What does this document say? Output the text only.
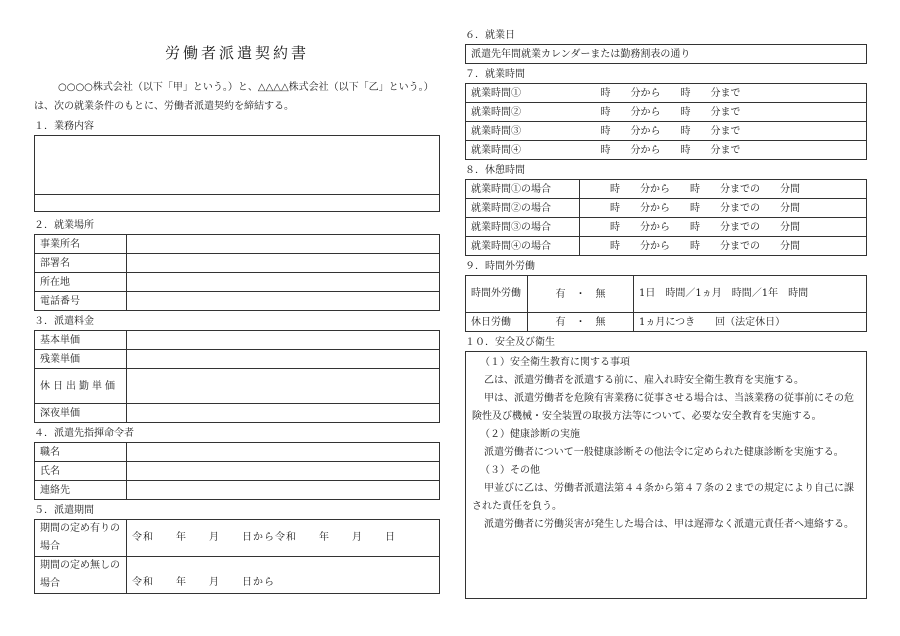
労働者派遣契約書
○○○○株式会社（以下「甲」という。）と、△△△△株式会社（以下「乙」という。）は、次の就業条件のもとに、労働者派遣契約を締結する。
１．業務内容

２．就業場所
事業所名	
部署名	
所在地	
電話番号	
３．派遣料金
基本単価	
残業単価	
休日出勤単価	
深夜単価	
４．派遣先指揮命令者
職名	
氏名	
連絡先	
５．派遣期間
期間の定め有りの場合	令和　　年　　月　　日から令和　　年　　月　　日
期間の定め無しの場合	令和　　年　　月　　日から
６．就業日
派遣先年間就業カレンダーまたは勤務割表の通り
７．就業時間
就業時間①	時　　分から　　時　　分まで
就業時間②	時　　分から　　時　　分まで
就業時間③	時　　分から　　時　　分まで
就業時間④	時　　分から　　時　　分まで
８．休憩時間
就業時間①の場合	時　　分から　　時　　分までの　　分間
就業時間②の場合	時　　分から　　時　　分までの　　分間
就業時間③の場合	時　　分から　　時　　分までの　　分間
就業時間④の場合	時　　分から　　時　　分までの　　分間
９．時間外労働
時間外労働	有　・　無	1日　時間／1ヵ月　時間／1年　時間
休日労働	有　・　無	1ヵ月につき　　回（法定休日）
１０．安全及び衛生

（１）安全衛生教育に関する事項

乙は、派遣労働者を派遣する前に、雇入れ時安全衛生教育を実施する。

甲は、派遣労働者を危険有害業務に従事させる場合は、当該業務の従事前にその危険性及び機械・安全装置の取扱方法等について、必要な安全教育を実施する。

（２）健康診断の実施

派遣労働者について一般健康診断その他法令に定められた健康診断を実施する。

（３）その他

甲並びに乙は、労働者派遣法第４４条から第４７条の２までの規定により自己に課された責任を負う。

派遣労働者に労働災害が発生した場合は、甲は遅滞なく派遣元責任者へ連絡する。
